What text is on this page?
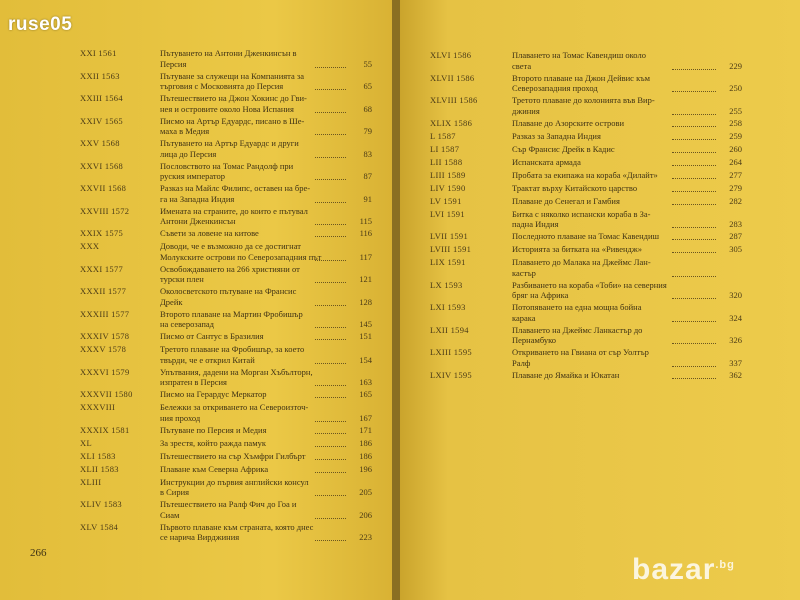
XXI 1561	Пътуването на Антони Дженкинсън в
Персия	55
XXII 1563	Пътуване за служещи на Компанията за
търговия с Московията до Персия	65
XXIII 1564	Пътешествието на Джон Хокинс до Гви-
нея и островите около Нова Испания	68
XXIV 1565	Писмо на Артър Едуардс, писано в Ше-
маха в Медия	79
XXV 1568	Пътуването на Артър Едуардс и други
лица до Персия	83
XXVI 1568	Пословството на Томас Рандолф при
руския император	87
XXVII 1568	Разказ на Майлс Филипс, оставен на бре-
га на Западна Индия	91
XXVIII 1572	Имената на страните, до които е пътувал
Антони Дженкинсън	115
XXIX 1575	Съвети за ловене на китове	116
XXX	Доводи, че е възможно да се достигнат
Молукските острови по Северозападния път	117
XXXI 1577	Освобождаването на 266 християни от
турски плен	121
XXXII 1577	Околосветското пътуване на Франсис
Дрейк	128
XXXIII 1577	Второто плаване на Мартин Фробишър
на северозапад	145
XXXIV 1578	Писмо от Сантус в Бразилия	151
XXXV 1578	Третото плаване на Фробишър, за което
твърди, че е открил Китай	154
XXXVI 1579	Упътвания, дадени на Морган Хъбълторн,
изпратен в Персия	163
XXXVII 1580	Писмо на Герардус Меркатор	165
XXXVIII	Бележки за откриването на Североизточ-
ния проход	167
XXXIX 1581	Пътуване по Персия и Медия	171
XL	За зрестя, който ражда памук	186
XLI 1583	Пътешествието на сър Хъмфри Гилбърт	186
XLII 1583	Плаване към Северна Африка	196
XLIII	Инструкции до първия английски консул
в Сирия	205
XLIV 1583	Пътешествието на Ралф Фич до Гоа и
Сиам	206
XLV 1584	Първото плаване към страната, която днес
се нарича Вирджиния	223
266
XLVI 1586	Плаването на Томас Кавендиш около
света	229
XLVII 1586	Второто плаване на Джон Дейвис към
Северозападния проход	250
XLVIII 1586	Третото плаване до колонията във Вир-
джиния	255
XLIX 1586	Плаване до Азорските острови	258
L 1587	Разказ за Западна Индия	259
LI 1587	Сър Франсис Дрейк в Кадис	260
LII 1588	Испанската армада	264
LIII 1589	Пробата за екипажа на кораба «Дилайт»	277
LIV 1590	Трактат върху Китайското царство	279
LV 1591	Плаване до Сенегал и Гамбия	282
LVI 1591	Битка с няколко испански кораба в За-
падна Индия	283
LVII 1591	Последното плаване на Томас Кавендиш	287
LVIII 1591	Историята за битката на «Ривендж»	305
LIX 1591	Плаването до Малака на Джеймс Лан-
кастър
LX 1593	Разбиването на кораба «Тоби» на северния
бряг на Африка	320
LXI 1593	Потопяването на една мощна бойна
карака	324
LXII 1594	Плаването на Джеймс Ланкастър до
Пернамбуко	326
LXIII 1595	Откриването на Гвиана от сър Уолтър
Ралф	337
LXIV 1595	Плаване до Ямайка и Юкатан	362
ruse05
bazar$^{.bg}$
